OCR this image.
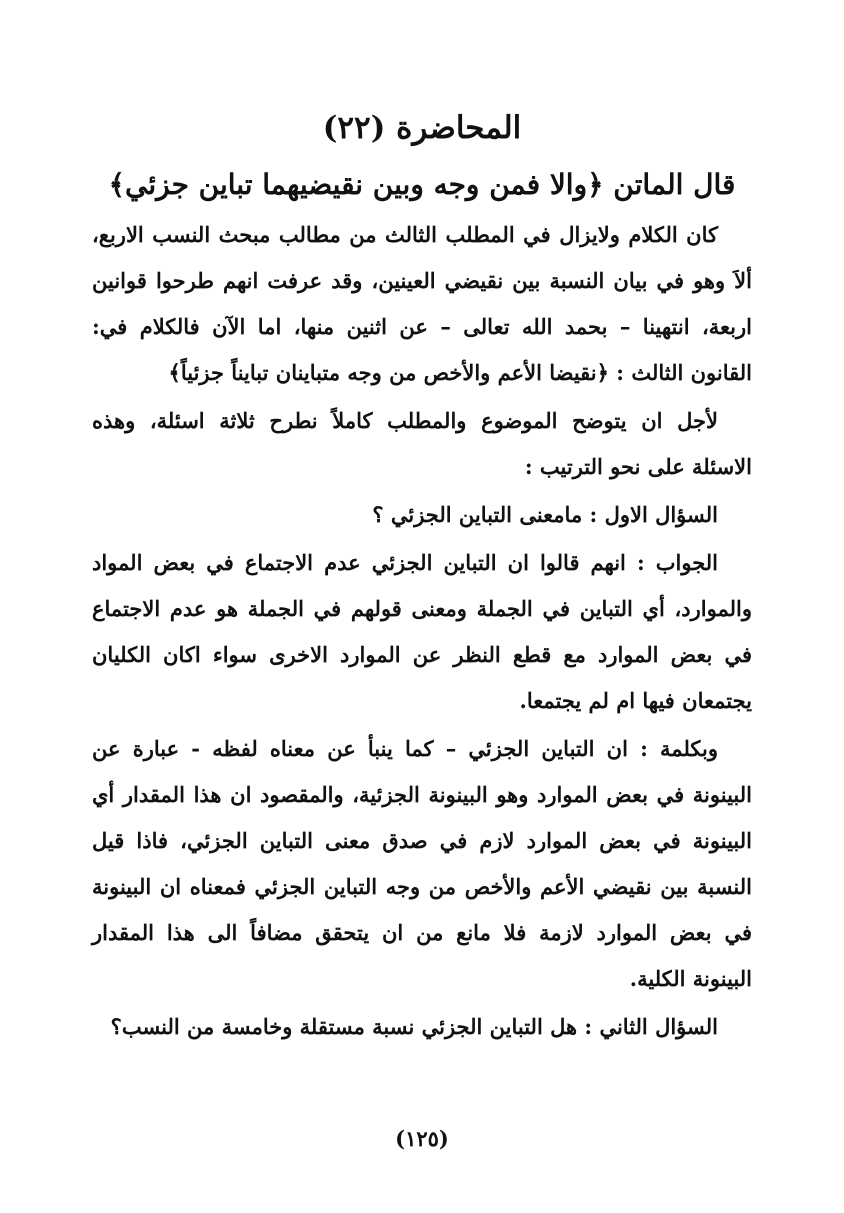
المحاضرة (٢٢)
قال الماتن ﴿والا فمن وجه وبين نقيضيهما تباين جزئي﴾

كان الكلام ولايزال في المطلب الثالث من مطالب مبحث النسب الاربع، ألاَ وهو في بيان النسبة بين نقيضي العينين، وقد عرفت انهم طرحوا قوانين اربعة، انتهينا – بحمد الله تعالى – عن اثنين منها، اما الآن فالكلام في: القانون الثالث : ﴿نقيضا الأعم والأخص من وجه متباينان تبايناً جزئياً﴾

لأجل ان يتوضح الموضوع والمطلب كاملاً نطرح ثلاثة اسئلة، وهذه الاسئلة على نحو الترتيب :

السؤال الاول : مامعنى التباين الجزئي ؟

الجواب : انهم قالوا ان التباين الجزئي عدم الاجتماع في بعض المواد والموارد، أي التباين في الجملة ومعنى قولهم في الجملة هو عدم الاجتماع في بعض الموارد مع قطع النظر عن الموارد الاخرى سواء اكان الكليان يجتمعان فيها ام لم يجتمعا.

وبكلمة : ان التباين الجزئي – كما ينبأ عن معناه لفظه - عبارة عن البينونة في بعض الموارد وهو البينونة الجزئية، والمقصود ان هذا المقدار أي البينونة في بعض الموارد لازم في صدق معنى التباين الجزئي، فاذا قيل النسبة بين نقيضي الأعم والأخص من وجه التباين الجزئي فمعناه ان البينونة في بعض الموارد لازمة فلا مانع من ان يتحقق مضافاً الى هذا المقدار البينونة الكلية.

السؤال الثاني : هل التباين الجزئي نسبة مستقلة وخامسة من النسب؟

(١٢٥)
